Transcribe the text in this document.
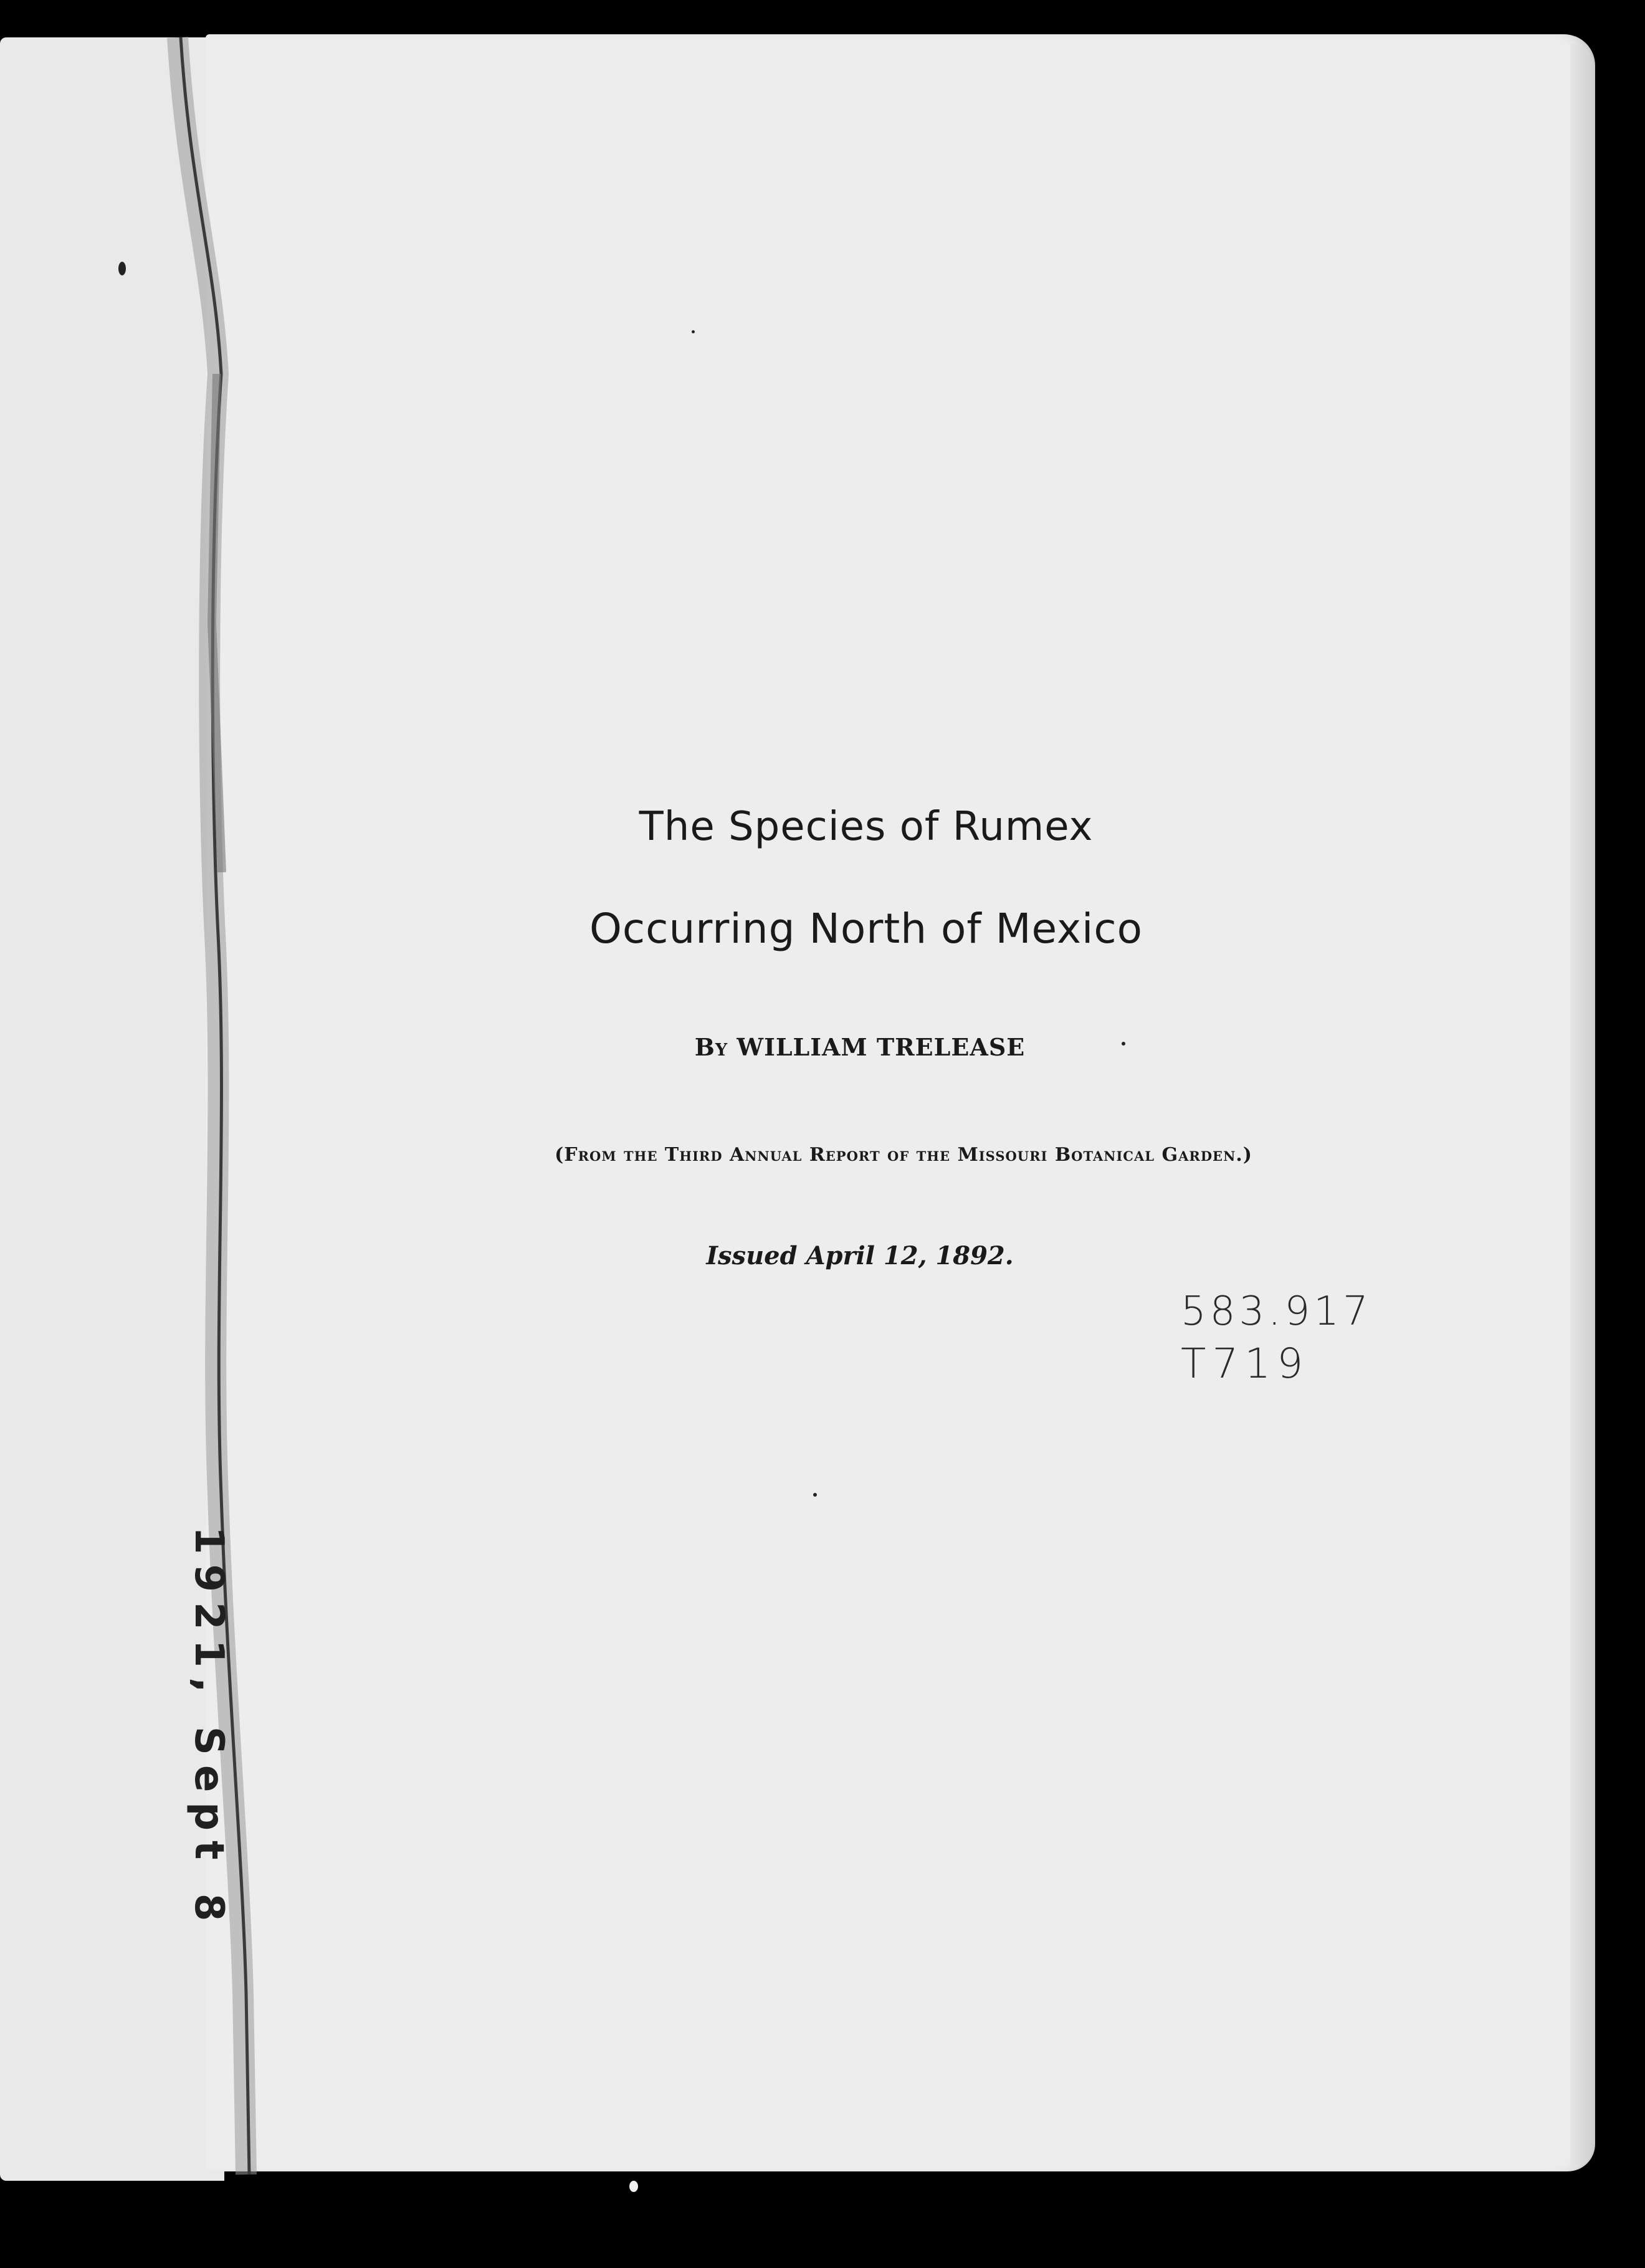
The Species of Rumex
Occurring North of Mexico
By WILLIAM TRELEASE
(From the Third Annual Report of the Missouri Botanical Garden.)
Issued April 12, 1892.
583.917
T719
1921, Sept 8
